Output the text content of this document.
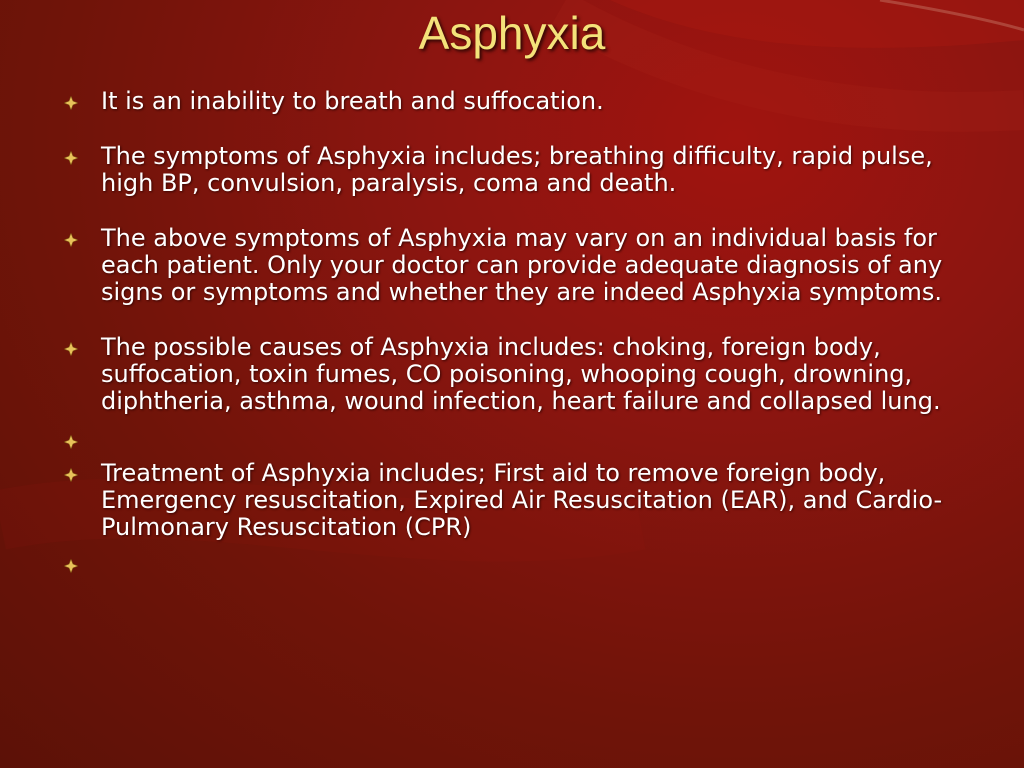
Asphyxia
It is an inability to breath and suffocation.
The symptoms of Asphyxia includes; breathing difficulty, rapid pulse, high BP, convulsion, paralysis, coma and death.
The above symptoms of Asphyxia may vary on an individual basis for each patient. Only your doctor can provide adequate diagnosis of any signs or symptoms and whether they are indeed Asphyxia symptoms.
The possible causes of Asphyxia includes: choking, foreign body, suffocation, toxin fumes, CO poisoning, whooping cough, drowning, diphtheria, asthma, wound infection, heart failure and collapsed lung.
Treatment of Asphyxia includes; First aid to remove foreign body, Emergency resuscitation, Expired Air Resuscitation (EAR), and Cardio-Pulmonary Resuscitation (CPR)
